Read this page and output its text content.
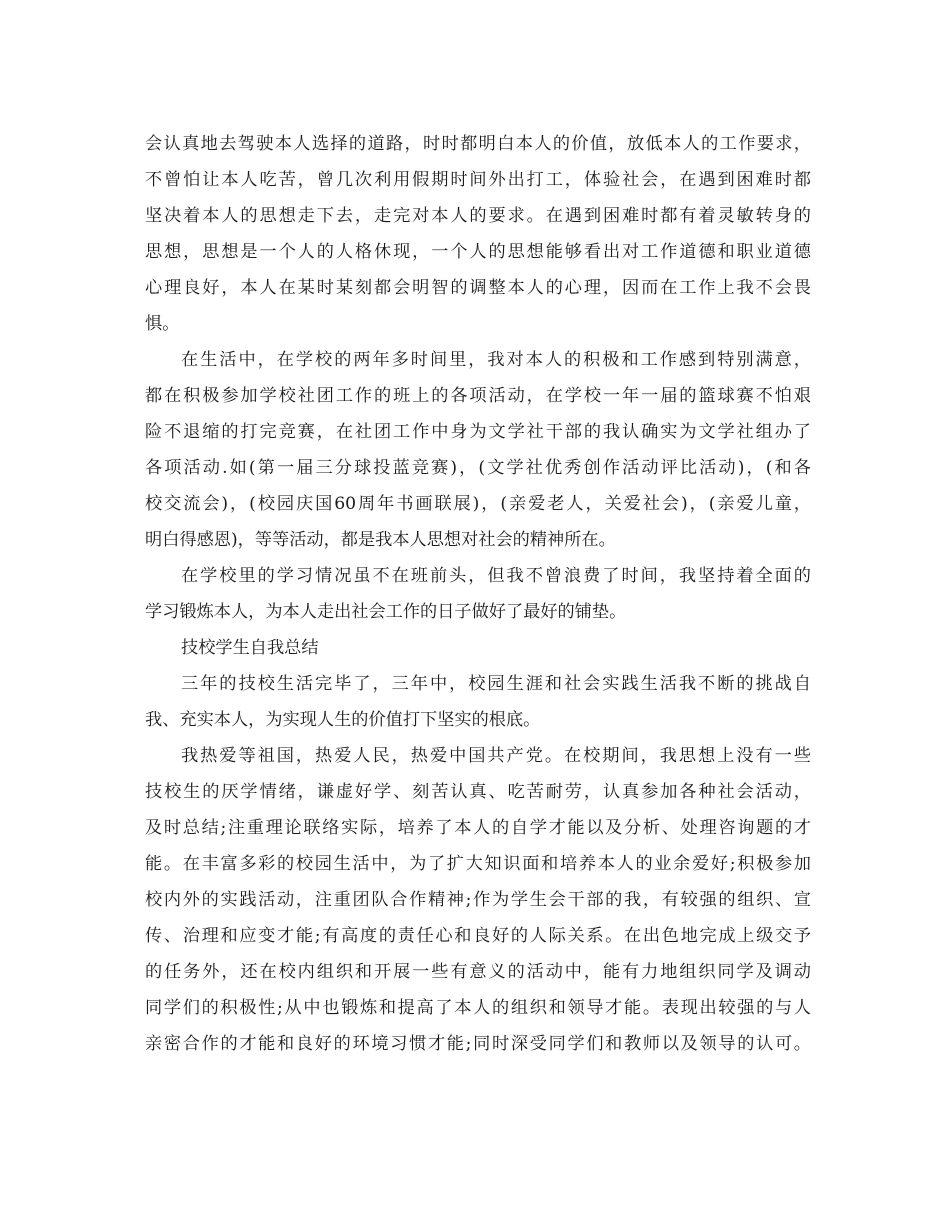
会认真地去驾驶本人选择的道路，时时都明白本人的价值，放低本人的工作要求，
不曾怕让本人吃苦，曾几次利用假期时间外出打工，体验社会，在遇到困难时都
坚决着本人的思想走下去，走完对本人的要求。在遇到困难时都有着灵敏转身的
思想，思想是一个人的人格休现，一个人的思想能够看出对工作道德和职业道德
心理良好，本人在某时某刻都会明智的调整本人的心理，因而在工作上我不会畏
惧。
在生活中，在学校的两年多时间里，我对本人的积极和工作感到特别满意，
都在积极参加学校社团工作的班上的各项活动，在学校一年一届的篮球赛不怕艰
险不退缩的打完竞赛，在社团工作中身为文学社干部的我认确实为文学社组办了
各项活动.如(第一届三分球投蓝竞赛)，(文学社优秀创作活动评比活动)，(和各
校交流会)，(校园庆国60周年书画联展)，(亲爱老人，关爱社会)，(亲爱儿童，
明白得感恩)，等等活动，都是我本人思想对社会的精神所在。
在学校里的学习情况虽不在班前头，但我不曾浪费了时间，我坚持着全面的
学习锻炼本人，为本人走出社会工作的日子做好了最好的铺垫。
技校学生自我总结
三年的技校生活完毕了，三年中，校园生涯和社会实践生活我不断的挑战自
我、充实本人，为实现人生的价值打下坚实的根底。
我热爱等祖国，热爱人民，热爱中国共产党。在校期间，我思想上没有一些
技校生的厌学情绪，谦虚好学、刻苦认真、吃苦耐劳，认真参加各种社会活动，
及时总结;注重理论联络实际，培养了本人的自学才能以及分析、处理咨询题的才
能。在丰富多彩的校园生活中，为了扩大知识面和培养本人的业余爱好;积极参加
校内外的实践活动，注重团队合作精神;作为学生会干部的我，有较强的组织、宣
传、治理和应变才能;有高度的责任心和良好的人际关系。在出色地完成上级交予
的任务外，还在校内组织和开展一些有意义的活动中，能有力地组织同学及调动
同学们的积极性;从中也锻炼和提高了本人的组织和领导才能。表现出较强的与人
亲密合作的才能和良好的环境习惯才能;同时深受同学们和教师以及领导的认可。
